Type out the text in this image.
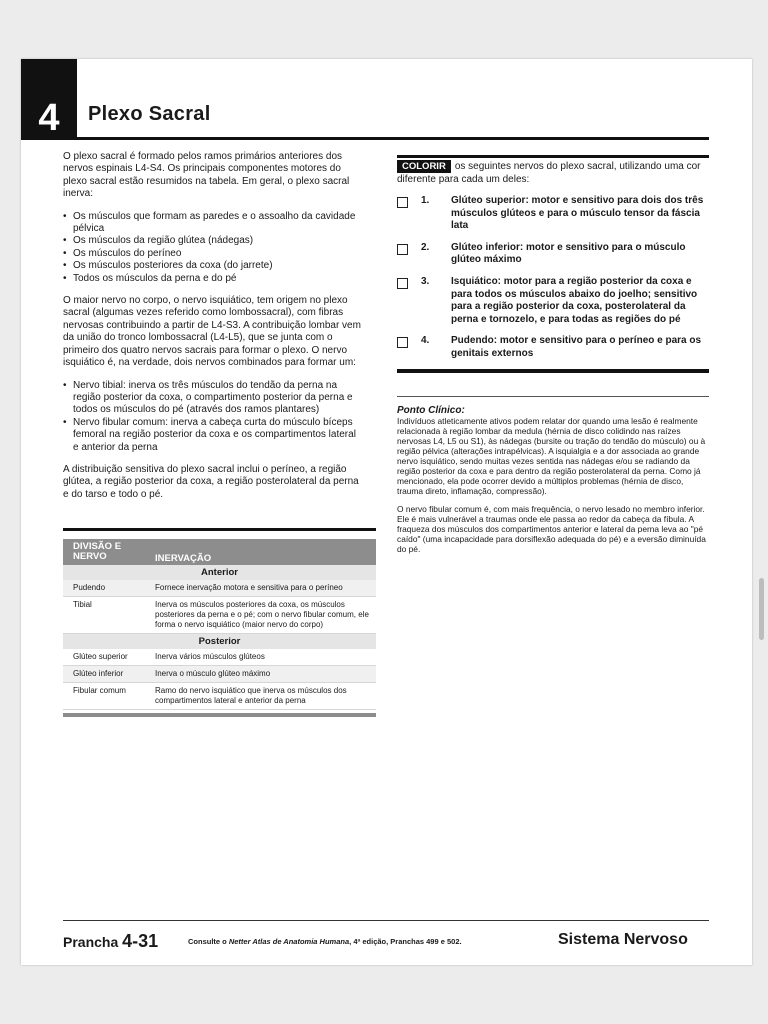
4	Plexo Sacral

O plexo sacral é formado pelos ramos primários anteriores dos nervos espinais L4-S4. Os principais componentes motores do plexo sacral estão resumidos na tabela. Em geral, o plexo sacral inerva:

• Os músculos que formam as paredes e o assoalho da cavidade pélvica
• Os músculos da região glútea (nádegas)
• Os músculos do períneo
• Os músculos posteriores da coxa (do jarrete)
• Todos os músculos da perna e do pé

O maior nervo no corpo, o nervo isquiático, tem origem no plexo sacral (algumas vezes referido como lombossacral), com fibras nervosas contribuindo a partir de L4-S3. A contribuição lombar vem da união do tronco lombossacral (L4-L5), que se junta com o primeiro dos quatro nervos sacrais para formar o plexo. O nervo isquiático é, na verdade, dois nervos combinados para formar um:

• Nervo tibial: inerva os três músculos do tendão da perna na região posterior da coxa, o compartimento posterior da perna e todos os músculos do pé (através dos ramos plantares)
• Nervo fibular comum: inerva a cabeça curta do músculo bíceps femoral na região posterior da coxa e os compartimentos lateral e anterior da perna

A distribuição sensitiva do plexo sacral inclui o períneo, a região glútea, a região posterior da coxa, a região posterolateral da perna e do tarso e todo o pé.

DIVISÃO E NERVO	INERVAÇÃO
Anterior
Pudendo	Fornece inervação motora e sensitiva para o períneo
Tibial	Inerva os músculos posteriores da coxa, os músculos posteriores da perna e o pé; com o nervo fibular comum, ele forma o nervo isquiático (maior nervo do corpo)
Posterior
Glúteo superior	Inerva vários músculos glúteos
Glúteo inferior	Inerva o músculo glúteo máximo
Fibular comum	Ramo do nervo isquiático que inerva os músculos dos compartimentos lateral e anterior da perna
COLORIR os seguintes nervos do plexo sacral, utilizando uma cor diferente para cada um deles:
1.	Glúteo superior: motor e sensitivo para dois dos três músculos glúteos e para o músculo tensor da fáscia lata
2.	Glúteo inferior: motor e sensitivo para o músculo glúteo máximo
3.	Isquiático: motor para a região posterior da coxa e para todos os músculos abaixo do joelho; sensitivo para a região posterior da coxa, posterolateral da perna e tornozelo, e para todas as regiões do pé
4.	Pudendo: motor e sensitivo para o períneo e para os genitais externos
Ponto Clínico:

Indivíduos atleticamente ativos podem relatar dor quando uma lesão é realmente relacionada à região lombar da medula (hérnia de disco colidindo nas raízes nervosas L4, L5 ou S1), às nádegas (bursite ou tração do tendão do músculo) ou à região pélvica (alterações intrapélvicas). A isquialgia e a dor associada ao grande nervo isquiático, sendo muitas vezes sentida nas nádegas e/ou se radiando da região posterior da coxa e para dentro da região posterolateral da perna. Como já mencionado, ela pode ocorrer devido a múltiplos problemas (hérnia de disco, trauma direto, inflamação, compressão).

O nervo fibular comum é, com mais frequência, o nervo lesado no membro inferior. Ele é mais vulnerável a traumas onde ele passa ao redor da cabeça da fíbula. A fraqueza dos músculos dos compartimentos anterior e lateral da perna leva ao "pé caído" (uma incapacidade para dorsiflexão adequada do pé) e a eversão diminuída do pé.

Prancha 4-31	Consulte o Netter Atlas de Anatomia Humana, 4ª edição, Pranchas 499 e 502.	Sistema Nervoso
